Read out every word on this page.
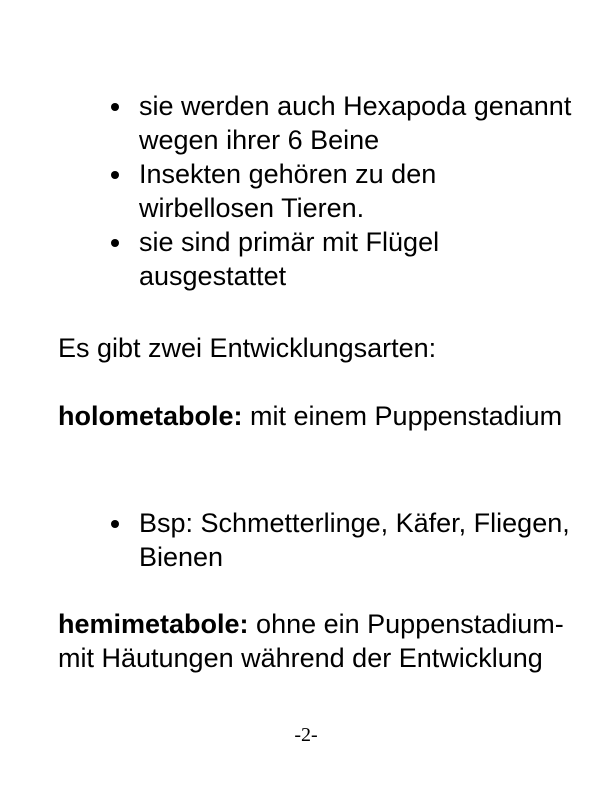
sie werden auch Hexapoda genannt wegen ihrer 6 Beine
Insekten gehören zu den wirbellosen Tieren.
sie sind primär mit Flügel ausgestattet

Es gibt zwei Entwicklungsarten:

holometabole: mit einem Puppenstadium

Bsp: Schmetterlinge, Käfer, Fliegen, Bienen

hemimetabole: ohne ein Puppenstadium- mit Häutungen während der Entwicklung

-2-
